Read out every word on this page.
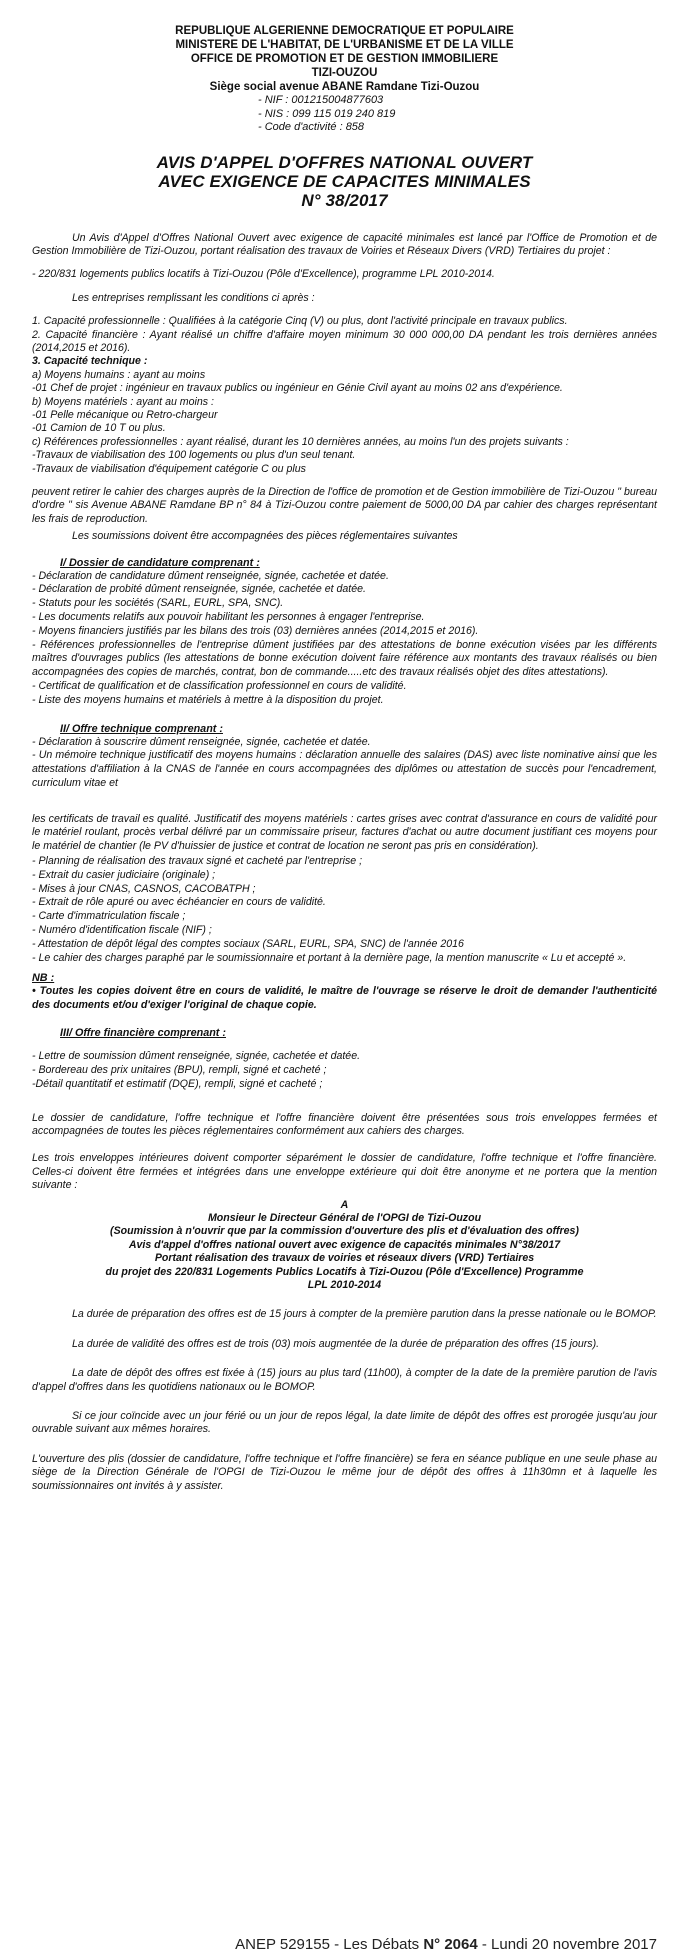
REPUBLIQUE ALGERIENNE DEMOCRATIQUE ET POPULAIRE
MINISTERE DE L'HABITAT, DE L'URBANISME ET DE LA VILLE
OFFICE DE PROMOTION ET DE GESTION IMMOBILIERE
TIZI-OUZOU
Siège social avenue ABANE Ramdane Tizi-Ouzou
- NIF : 001215004877603
- NIS : 099 115 019 240 819
- Code d'activité : 858
AVIS D'APPEL D'OFFRES NATIONAL OUVERT
AVEC EXIGENCE DE CAPACITES MINIMALES
N° 38/2017
Un Avis d'Appel d'Offres National Ouvert avec exigence de capacité minimales est lancé par l'Office de Promotion et de Gestion Immobilière de Tizi-Ouzou, portant réalisation des travaux de Voiries et Réseaux Divers (VRD) Tertiaires du projet :
- 220/831 logements publics locatifs à Tizi-Ouzou (Pôle d'Excellence), programme LPL 2010-2014.
Les entreprises remplissant les conditions ci après :
1. Capacité professionnelle : Qualifiées à la catégorie Cinq (V) ou plus, dont l'activité principale en travaux publics.
2. Capacité financière : Ayant réalisé un chiffre d'affaire moyen minimum 30 000 000,00 DA pendant les trois dernières années (2014,2015 et 2016).
3. Capacité technique :
a) Moyens humains : ayant au moins
-01 Chef de projet : ingénieur en travaux publics ou ingénieur en Génie Civil ayant au moins 02 ans d'expérience.
b) Moyens matériels : ayant au moins :
-01 Pelle mécanique ou Retro-chargeur
-01 Camion de 10 T ou plus.
c) Références professionnelles : ayant réalisé, durant les 10 dernières années, au moins l'un des projets suivants :
-Travaux de viabilisation des 100 logements ou plus d'un seul tenant.
-Travaux de viabilisation d'équipement catégorie C ou plus
peuvent retirer le cahier des charges auprès de la Direction de l'office de promotion et de Gestion immobilière de Tizi-Ouzou " bureau d'ordre " sis Avenue ABANE Ramdane BP n° 84 à Tizi-Ouzou contre paiement de 5000,00 DA par cahier des charges représentant les frais de reproduction.
Les soumissions doivent être accompagnées des pièces réglementaires suivantes
I/ Dossier de candidature comprenant :
- Déclaration de candidature dûment renseignée, signée, cachetée et datée.
- Déclaration de probité dûment renseignée, signée, cachetée et datée.
- Statuts pour les sociétés (SARL, EURL, SPA, SNC).
- Les documents relatifs aux pouvoir habilitant les personnes à engager l'entreprise.
- Moyens financiers justifiés par les bilans des trois (03) dernières années (2014,2015 et 2016).
- Références professionnelles de l'entreprise dûment justifiées par des attestations de bonne exécution visées par les différents maîtres d'ouvrages publics (les attestations de bonne exécution doivent faire référence aux montants des travaux réalisés ou bien accompagnées des copies de marchés, contrat, bon de commande.....etc des travaux réalisés objet des dites attestations).
- Certificat de qualification et de classification professionnel en cours de validité.
- Liste des moyens humains et matériels à mettre à la disposition du projet.
II/ Offre technique comprenant :
- Déclaration à souscrire dûment renseignée, signée, cachetée et datée.
- Un mémoire technique justificatif des moyens humains : déclaration annuelle des salaires (DAS) avec liste nominative ainsi que les attestations d'affiliation à la CNAS de l'année en cours accompagnées des diplômes ou attestation de succès pour l'encadrement, curriculum vitae et
les certificats de travail es qualité. Justificatif des moyens matériels : cartes grises avec contrat d'assurance en cours de validité pour le matériel roulant, procès verbal délivré par un commissaire priseur, factures d'achat ou autre document justifiant ces moyens pour le matériel de chantier (le PV d'huissier de justice et contrat de location ne seront pas pris en considération).
- Planning de réalisation des travaux signé et cacheté par l'entreprise ;
- Extrait du casier judiciaire (originale) ;
- Mises à jour CNAS, CASNOS, CACOBATPH ;
- Extrait de rôle apuré ou avec échéancier en cours de validité.
- Carte d'immatriculation fiscale ;
- Numéro d'identification fiscale (NIF) ;
- Attestation de dépôt légal des comptes sociaux (SARL, EURL, SPA, SNC) de l'année 2016
- Le cahier des charges paraphé par le soumissionnaire et portant à la dernière page, la mention manuscrite « Lu et accepté ».
NB :
• Toutes les copies doivent être en cours de validité, le maître de l'ouvrage se réserve le droit de demander l'authenticité des documents et/ou d'exiger l'original de chaque copie.
III/ Offre financière comprenant :
- Lettre de soumission dûment renseignée, signée, cachetée et datée.
- Bordereau des prix unitaires (BPU), rempli, signé et cacheté ;
-Détail quantitatif et estimatif (DQE), rempli, signé et cacheté ;
Le dossier de candidature, l'offre technique et l'offre financière doivent être présentées sous trois enveloppes fermées et accompagnées de toutes les pièces réglementaires conformément aux cahiers des charges.
Les trois enveloppes intérieures doivent comporter séparément le dossier de candidature, l'offre technique et l'offre financière. Celles-ci doivent être fermées et intégrées dans une enveloppe extérieure qui doit être anonyme et ne portera que la mention suivante :
A
Monsieur le Directeur Général de l'OPGI de Tizi-Ouzou
(Soumission à n'ouvrir que par la commission d'ouverture des plis et d'évaluation des offres)
Avis d'appel d'offres national ouvert avec exigence de capacités minimales N°38/2017
Portant réalisation des travaux de voiries et réseaux divers (VRD) Tertiaires
du projet des 220/831 Logements Publics Locatifs à Tizi-Ouzou (Pôle d'Excellence) Programme
LPL 2010-2014
La durée de préparation des offres est de 15 jours à compter de la première parution dans la presse nationale ou le BOMOP.
La durée de validité des offres est de trois (03) mois augmentée de la durée de préparation des offres (15 jours).
La date de dépôt des offres est fixée à (15) jours au plus tard (11h00), à compter de la date de la première parution de l'avis d'appel d'offres dans les quotidiens nationaux ou le BOMOP.
Si ce jour coïncide avec un jour férié ou un jour de repos légal, la date limite de dépôt des offres est prorogée jusqu'au jour ouvrable suivant aux mêmes horaires.
L'ouverture des plis (dossier de candidature, l'offre technique et l'offre financière) se fera en séance publique en une seule phase au siège de la Direction Générale de l'OPGI de Tizi-Ouzou le même jour de dépôt des offres à 11h30mn et à laquelle les soumissionnaires ont invités à y assister.
ANEP 529155 - Les Débats N° 2064 - Lundi 20 novembre 2017
